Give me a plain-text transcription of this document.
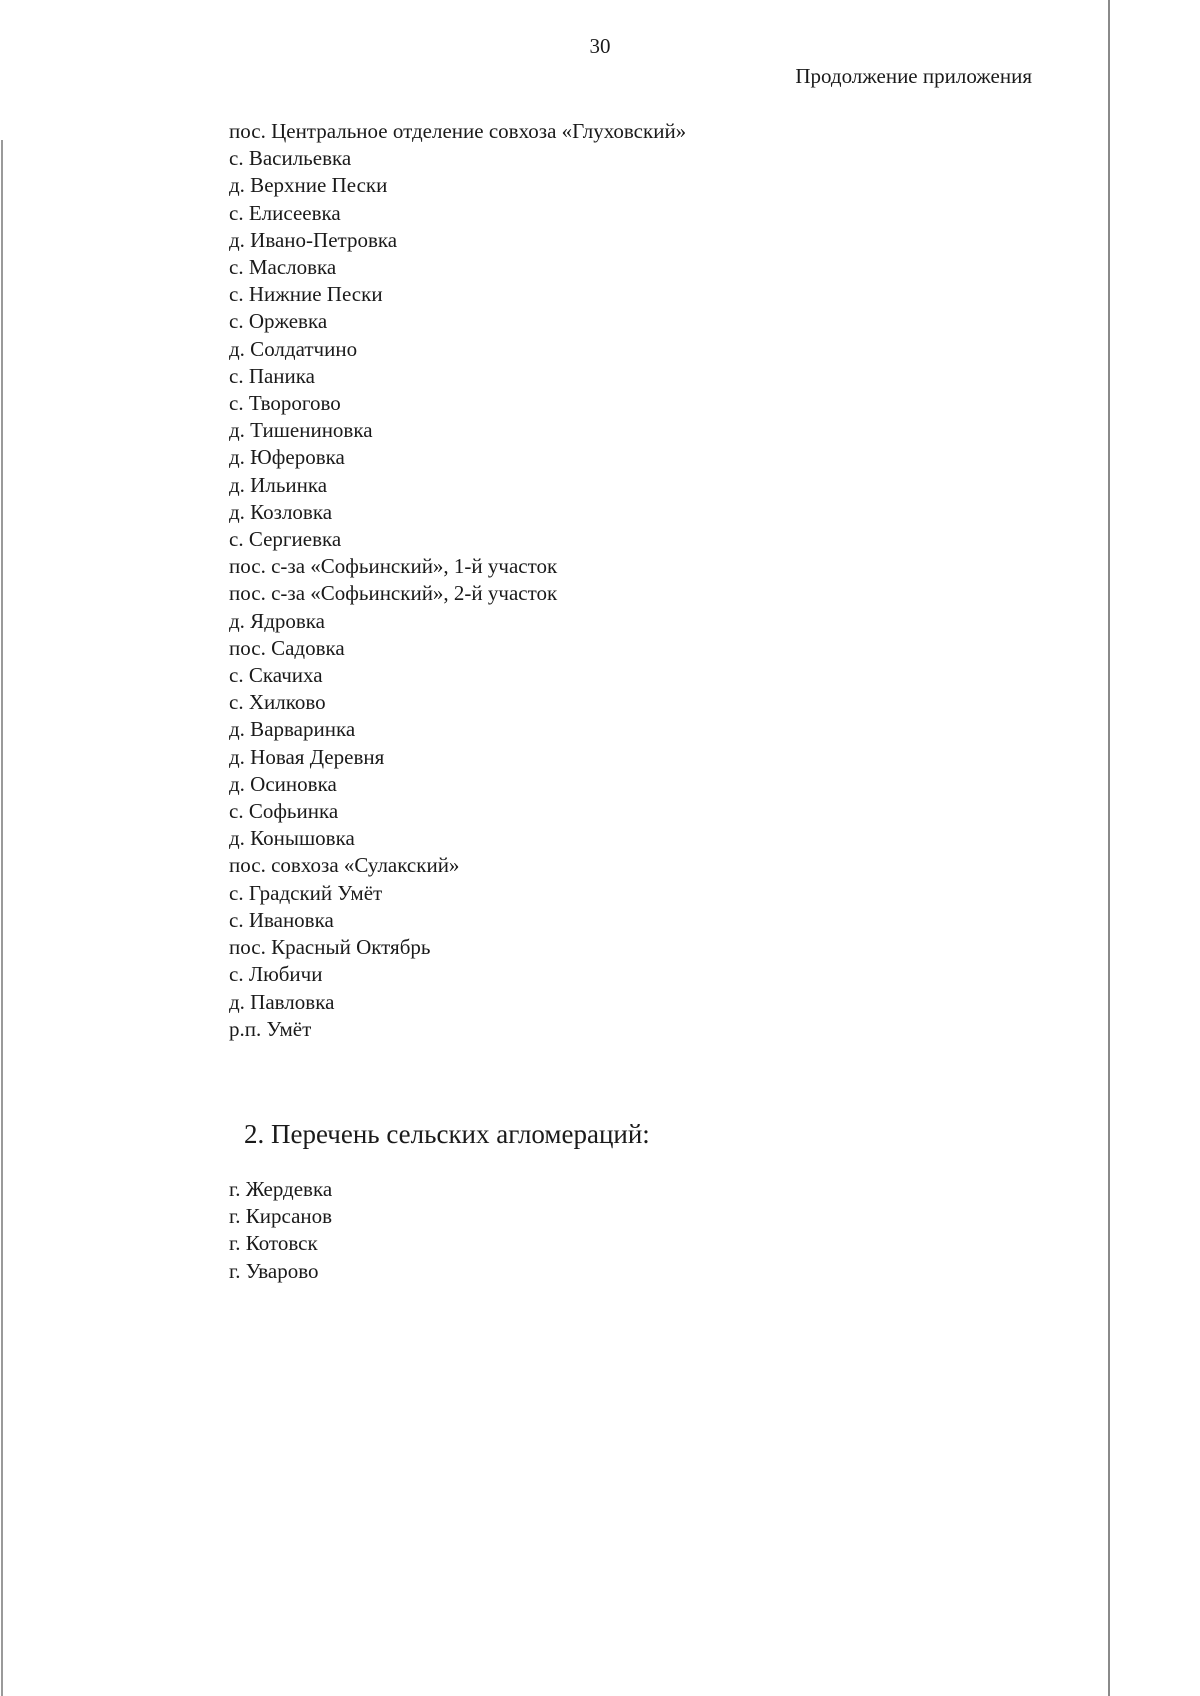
30
Продолжение приложения
пос. Центральное отделение совхоза «Глуховский»
с. Васильевка
д. Верхние Пески
с. Елисеевка
д. Ивано-Петровка
с. Масловка
с. Нижние Пески
с. Оржевка
д. Солдатчино
с. Паника
с. Творогово
д. Тишениновка
д. Юферовка
д. Ильинка
д. Козловка
с. Сергиевка
пос. с-за «Софьинский», 1-й участок
пос. с-за «Софьинский», 2-й участок
д. Ядровка
пос. Садовка
с. Скачиха
с. Хилково
д. Варваринка
д. Новая Деревня
д. Осиновка
с. Софьинка
д. Конышовка
пос. совхоза «Сулакский»
с. Градский Умёт
с. Ивановка
пос. Красный Октябрь
с. Любичи
д. Павловка
р.п. Умёт
2. Перечень сельских агломераций:
г. Жердевка
г. Кирсанов
г. Котовск
г. Уварово
